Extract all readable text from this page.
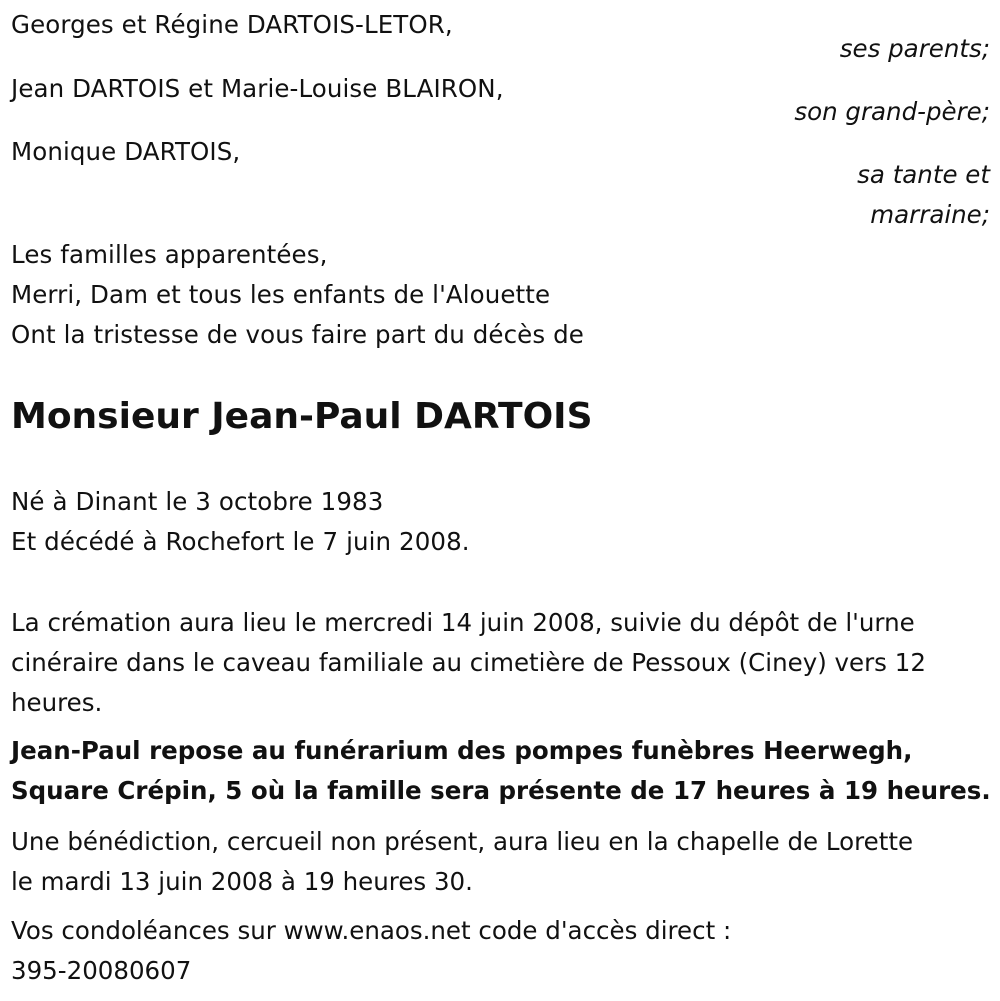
Georges et Régine DARTOIS-LETOR,
ses parents;
Jean DARTOIS et Marie-Louise BLAIRON,
son grand-père;
Monique DARTOIS,
sa tante et
marraine;
Les familles apparentées,
Merri, Dam et tous les enfants de l'Alouette
Ont la tristesse de vous faire part du décès de
Monsieur Jean-Paul DARTOIS
Né à Dinant le 3 octobre 1983
Et décédé à Rochefort le 7 juin 2008.
La crémation aura lieu le mercredi 14 juin 2008, suivie du dépôt de l'urne
cinéraire dans le caveau familiale au cimetière de Pessoux (Ciney) vers 12
heures.
Jean-Paul repose au funérarium des pompes funèbres Heerwegh,
Square Crépin, 5 où la famille sera présente de 17 heures à 19 heures.
Une bénédiction, cercueil non présent, aura lieu en la chapelle de Lorette
le mardi 13 juin 2008 à 19 heures 30.
Vos condoléances sur www.enaos.net code d'accès direct :
395-20080607
